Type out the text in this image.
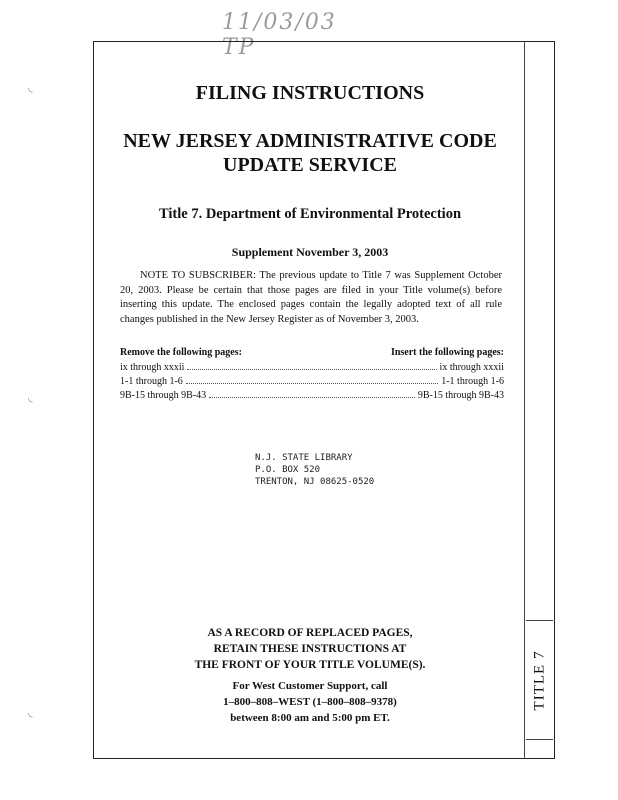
11/03/03 TP
TITLE 7
◟
◟
◟
FILING INSTRUCTIONS
NEW JERSEY ADMINISTRATIVE CODE
UPDATE SERVICE
Title 7. Department of Environmental Protection

Supplement November 3, 2003

NOTE TO SUBSCRIBER: The previous update to Title 7 was Supplement October 20, 2003. Please be certain that those pages are filed in your Title volume(s) before inserting this update. The enclosed pages contain the legally adopted text of all rule changes published in the New Jersey Register as of November 3, 2003.

Remove the following pages:	Insert the following pages:
ix through xxxii	ix through xxxii
1-1 through 1-6	1-1 through 1-6
9B-15 through 9B-43	9B-15 through 9B-43
AS A RECORD OF REPLACED PAGES,
RETAIN THESE INSTRUCTIONS AT
THE FRONT OF YOUR TITLE VOLUME(S).
For West Customer Support, call
1–800–808–WEST (1–800–808–9378)
between 8:00 am and 5:00 pm ET.
N.J. STATE LIBRARY
P.O. BOX 520
TRENTON, NJ 08625-0520
